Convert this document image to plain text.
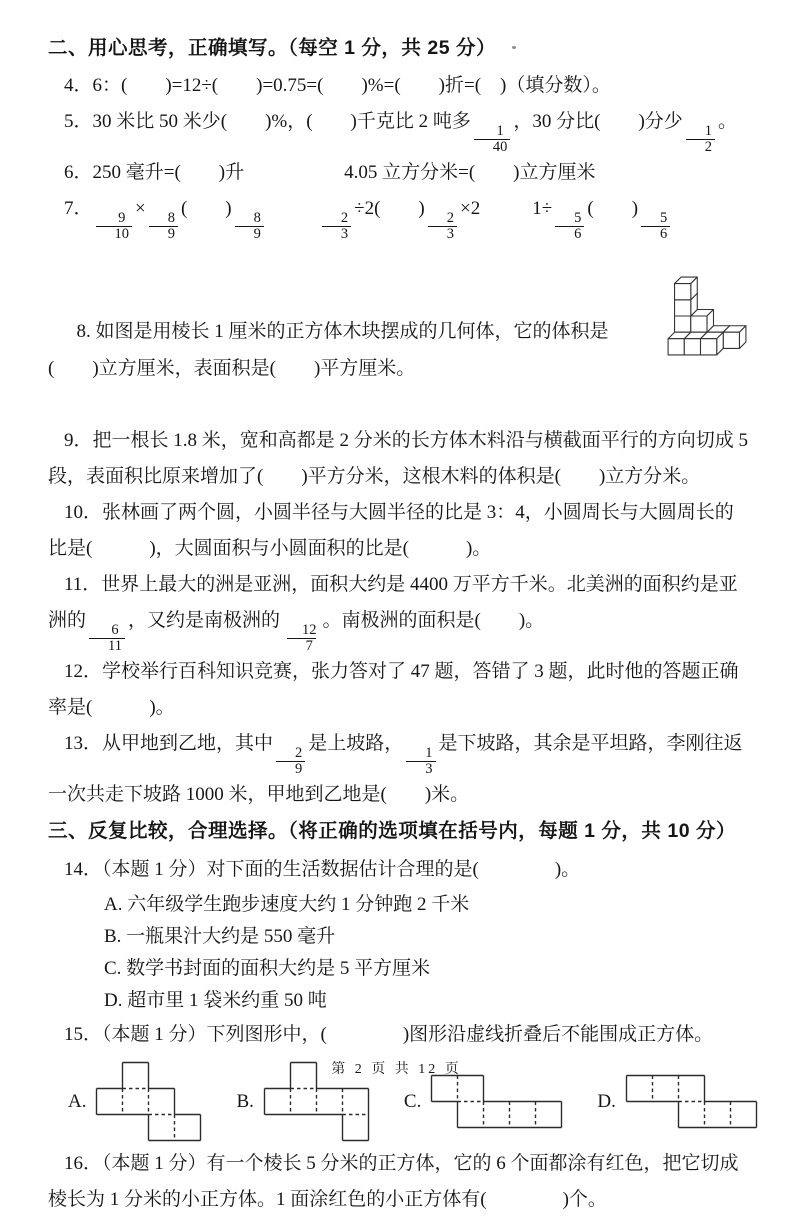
二、用心思考，正确填写。（每空 1 分，共 25 分）

4．6：(　　)=12÷(　　)=0.75=(　　)%=(　　)折=(　)（填分数）。

5．30 米比 50 米少(　　)%，(　　)千克比 2 吨多
$\frac{1}{40}$
，30 分比(　　)分少
$\frac{1}{2}$
。

6．250 毫升=(　　)升	4.05 立方分米=(　　)立方厘米

7．
$\frac{9}{10}$
×
$\frac{8}{9}$
(　　)
$\frac{8}{9}$	$\frac{2}{3}$
÷2(　　)
$\frac{2}{3}$
×2	1÷
$\frac{5}{6}$
(　　)
$\frac{5}{6}$

8. 如图是用棱长 1 厘米的正方体木块摆成的几何体，它的体积是(　　)立方厘米，表面积是(　　)平方厘米。

9．把一根长 1.8 米，宽和高都是 2 分米的长方体木料沿与横截面平行的方向切成 5 段，表面积比原来增加了(　　)平方分米，这根木料的体积是(　　)立方分米。

10．张林画了两个圆，小圆半径与大圆半径的比是 3：4，小圆周长与大圆周长的比是(　　　)，大圆面积与小圆面积的比是(　　　)。

11．世界上最大的洲是亚洲，面积大约是 4400 万平方千米。北美洲的面积约是亚洲的
$\frac{6}{11}$
，又约是南极洲的
$\frac{12}{7}$
。南极洲的面积是(　　)。

12．学校举行百科知识竞赛，张力答对了 47 题，答错了 3 题，此时他的答题正确率是(　　　)。

13．从甲地到乙地，其中
$\frac{2}{9}$
是上坡路，
$\frac{1}{3}$
是下坡路，其余是平坦路，李刚往返一次共走下坡路 1000 米，甲地到乙地是(　　)米。

三、反复比较，合理选择。（将正确的选项填在括号内，每题 1 分，共 10 分）

14．（本题 1 分）对下面的生活数据估计合理的是(　　　　)。

A. 六年级学生跑步速度大约 1 分钟跑 2 千米
B. 一瓶果汁大约是 550 毫升
C. 数学书封面的面积大约是 5 平方厘米
D. 超市里 1 袋米约重 50 吨

15．（本题 1 分）下列图形中，(　　　　)图形沿虚线折叠后不能围成正方体。

A.	B.	C.	D.

16．（本题 1 分）有一个棱长 5 分米的正方体，它的 6 个面都涂有红色，把它切成棱长为 1 分米的小正方体。1 面涂红色的小正方体有(　　　　)个。

第 2 页 共 12 页
